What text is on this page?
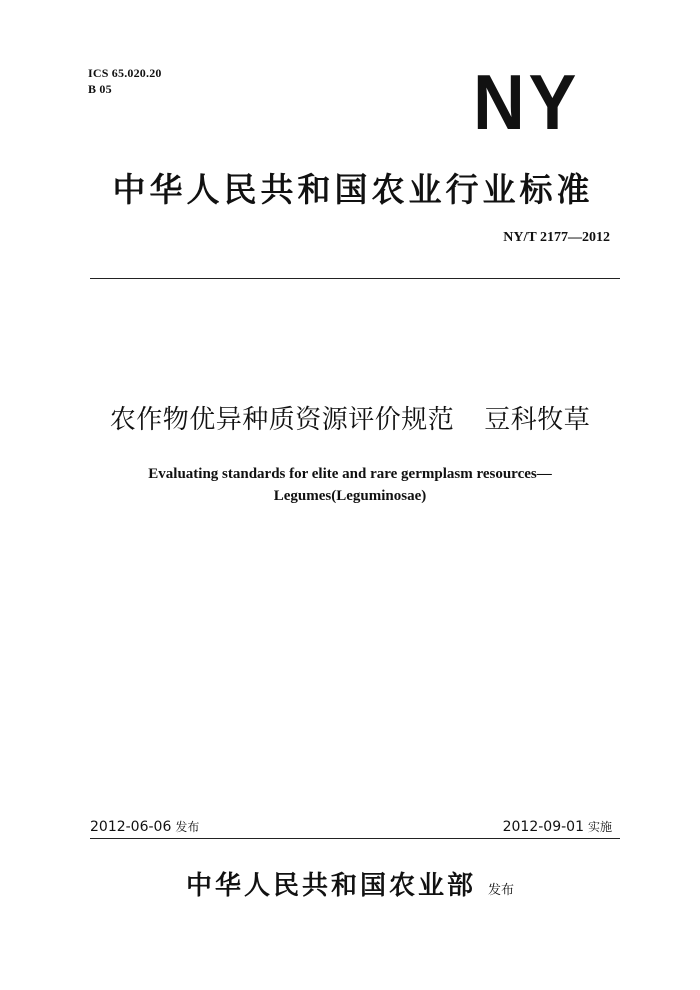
ICS 65.020.20
B 05	NY
中华人民共和国农业行业标准
NY/T 2177—2012
农作物优异种质资源评价规范 豆科牧草
Evaluating standards for elite and rare germplasm resources—
Legumes(Leguminosae)
2012-06-06 发布	2012-09-01 实施
中华人民共和国农业部 发布
